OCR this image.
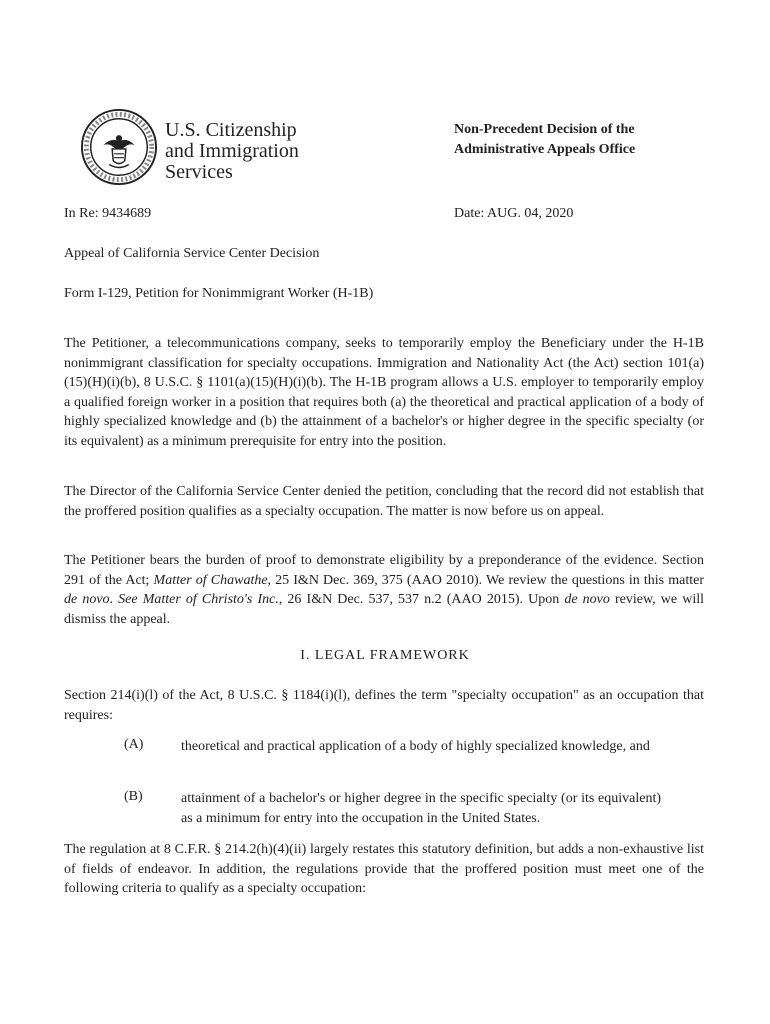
U.S. Citizenship
and Immigration
Services
Non-Precedent Decision of the
Administrative Appeals Office
In Re: 9434689	Date: AUG. 04, 2020
Appeal of California Service Center Decision
Form I-129, Petition for Nonimmigrant Worker (H-1B)
The Petitioner, a telecommunications company, seeks to temporarily employ the Beneficiary under the H-1B nonimmigrant classification for specialty occupations. Immigration and Nationality Act (the Act) section 101(a)(15)(H)(i)(b), 8 U.S.C. § 1101(a)(15)(H)(i)(b). The H-1B program allows a U.S. employer to temporarily employ a qualified foreign worker in a position that requires both (a) the theoretical and practical application of a body of highly specialized knowledge and (b) the attainment of a bachelor's or higher degree in the specific specialty (or its equivalent) as a minimum prerequisite for entry into the position.
The Director of the California Service Center denied the petition, concluding that the record did not establish that the proffered position qualifies as a specialty occupation. The matter is now before us on appeal.
The Petitioner bears the burden of proof to demonstrate eligibility by a preponderance of the evidence. Section 291 of the Act; Matter of Chawathe, 25 I&N Dec. 369, 375 (AAO 2010). We review the questions in this matter de novo. See Matter of Christo's Inc., 26 I&N Dec. 537, 537 n.2 (AAO 2015). Upon de novo review, we will dismiss the appeal.
I. LEGAL FRAMEWORK
Section 214(i)(l) of the Act, 8 U.S.C. § 1184(i)(l), defines the term "specialty occupation" as an occupation that requires:
(A)	theoretical and practical application of a body of highly specialized knowledge, and
(B)	attainment of a bachelor's or higher degree in the specific specialty (or its equivalent) as a minimum for entry into the occupation in the United States.
The regulation at 8 C.F.R. § 214.2(h)(4)(ii) largely restates this statutory definition, but adds a non-exhaustive list of fields of endeavor. In addition, the regulations provide that the proffered position must meet one of the following criteria to qualify as a specialty occupation:
